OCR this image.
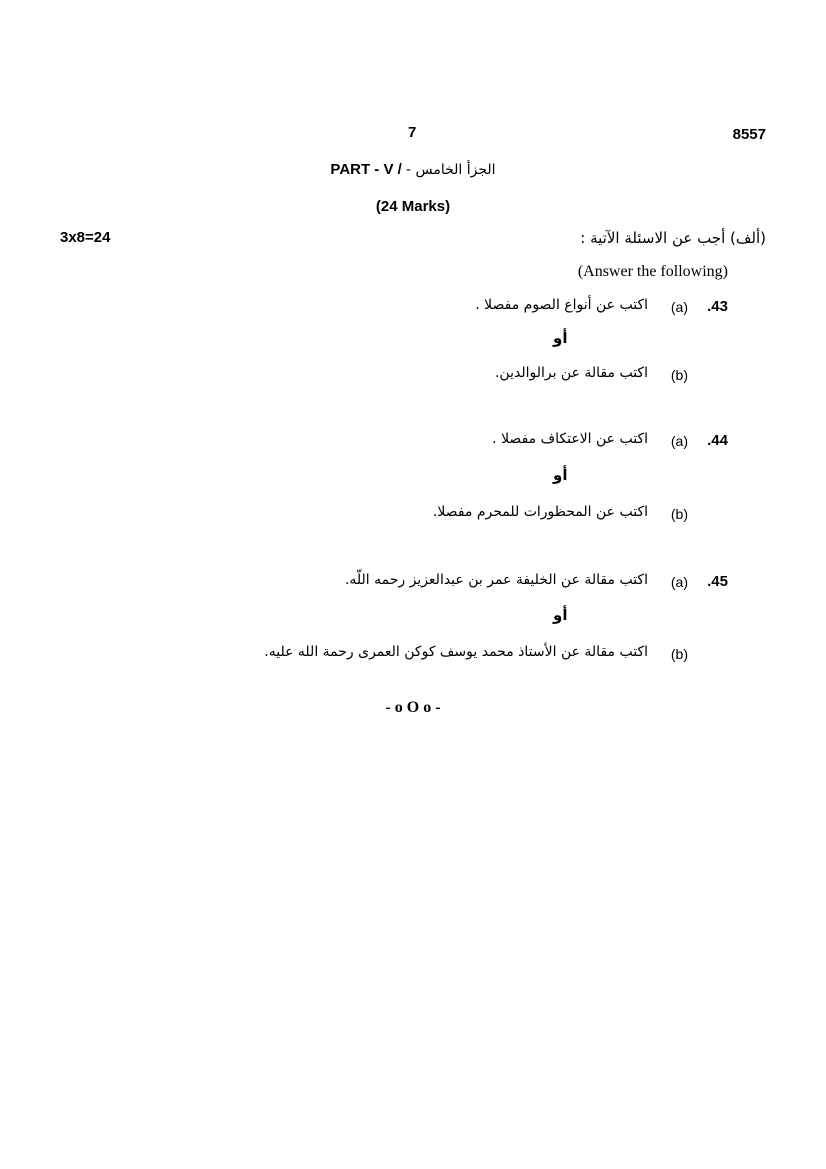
7	8557
PART - V / الجزأ الخامس -
(24 Marks)
3x8=24	(ألف) أجب عن الاسئلة الآتية :
(Answer the following)
.43
(a)
اكتب عن أنواع الصوم مفصلا .
أو
(b)
اكتب مقالة عن برالوالدين.
.44
(a)
اكتب عن الاعتكاف مفصلا .
أو
(b)
اكتب عن المحظورات للمحرم مفصلا.
.45
(a)
اكتب مقالة عن الخليفة عمر بن عبدالعزيز رحمه اللّه.
أو
(b)
اكتب مقالة عن الأستاذ محمد يوسف كوكن العمرى رحمة الله عليه.
- o O o -
